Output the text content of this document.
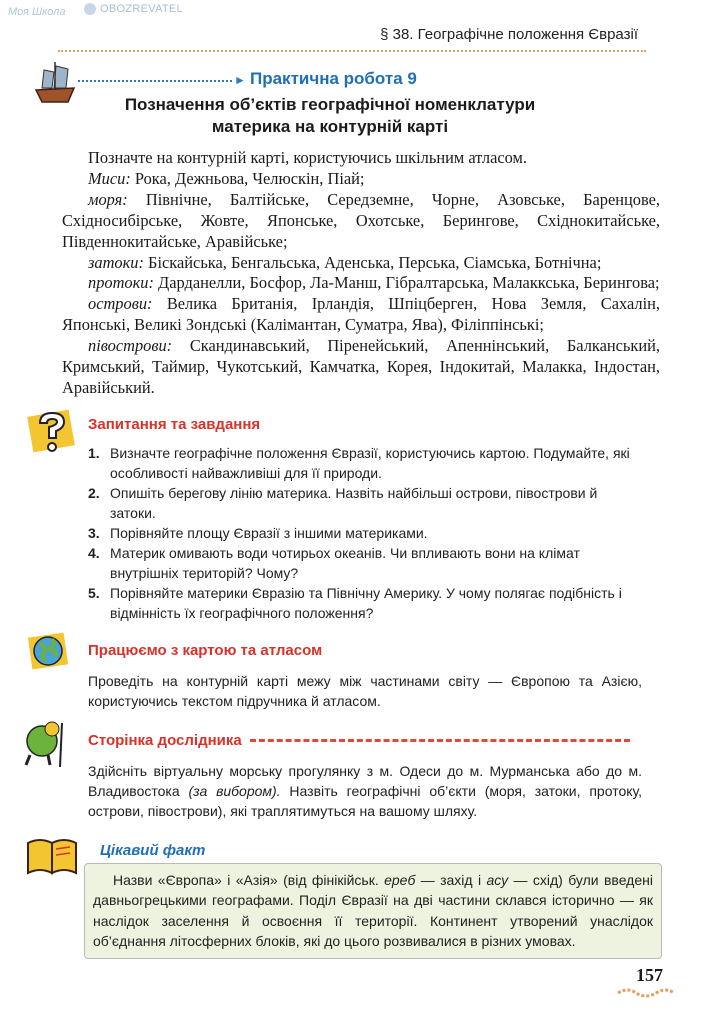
Моя Школа	OBOZREVATEL
§ 38. Географічне положення Євразії
► Практична робота 9
Позначення об’єктів географічної номенклатури
материка на контурній карті

Позначте на контурній карті, користуючись шкільним атласом.

Миси: Рока, Дежньова, Челюскін, Піай;

моря: Північне, Балтійське, Середземне, Чорне, Азовське, Баренцове, Східносибірське, Жовте, Японське, Охотське, Берингове, Східнокитайське, Південнокитайське, Аравійське;

затоки: Біскайська, Бенгальська, Аденська, Перська, Сіамська, Ботнічна;

протоки: Дарданелли, Босфор, Ла-Манш, Гібралтарська, Малаккська, Берингова;

острови: Велика Британія, Ірландія, Шпіцберген, Нова Земля, Сахалін, Японські, Великі Зондські (Калімантан, Суматра, Ява), Філіппінські;

півострови: Скандинавський, Піренейський, Апеннінський, Балканський, Кримський, Таймир, Чукотський, Камчатка, Корея, Індокитай, Малакка, Індостан, Аравійський.

Запитання та завдання
1. Визначте географічне положення Євразії, користуючись картою. Подумайте, які особливості найважливіші для її природи.
2. Опишіть берегову лінію материка. Назвіть найбільші острови, півострови й затоки.
3. Порівняйте площу Євразії з іншими материками.
4. Материк омивають води чотирьох океанів. Чи впливають вони на клімат внутрішніх територій? Чому?
5. Порівняйте материки Євразію та Північну Америку. У чому полягає подібність і відмінність їх географічного положення?
Працюємо з картою та атласом
Проведіть на контурній карті межу між частинами світу — Європою та Азією, користуючись текстом підручника й атласом.
Сторінка дослідника
Здійсніть віртуальну морську прогулянку з м. Одеси до м. Мурманська або до м. Владивостока (за вибором). Назвіть географічні об’єкти (моря, затоки, протоку, острови, півострови), які траплятимуться на вашому шляху.
Цікавий факт

Назви «Європа» і «Азія» (від фінікійськ. ереб — захід і асу — схід) були введені давньогрецькими географами. Поділ Євразії на дві частини склався історично — як наслідок заселення й освоєння її території. Континент утворений унаслідок об’єднання літосферних блоків, які до цього розвивалися в різних умовах.

157
